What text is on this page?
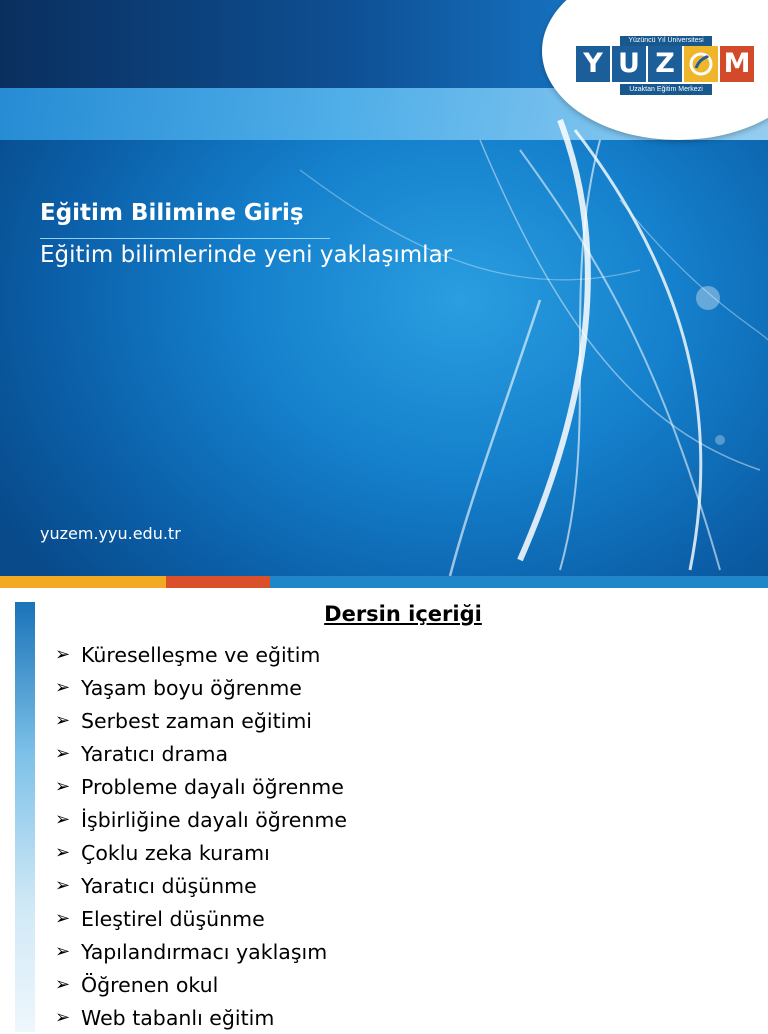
Yüzüncü Yıl Üniversitesi
Y U Z M
Uzaktan Eğitim Merkezi
Eğitim Bilimine Giriş
Eğitim bilimlerinde yeni yaklaşımlar
yuzem.yyu.edu.tr
Dersin içeriği
➢ Küreselleşme ve eğitim
➢ Yaşam boyu öğrenme
➢ Serbest zaman eğitimi
➢ Yaratıcı drama
➢ Probleme dayalı öğrenme
➢ İşbirliğine dayalı öğrenme
➢ Çoklu zeka kuramı
➢ Yaratıcı düşünme
➢ Eleştirel düşünme
➢ Yapılandırmacı yaklaşım
➢ Öğrenen okul
➢ Web tabanlı eğitim
